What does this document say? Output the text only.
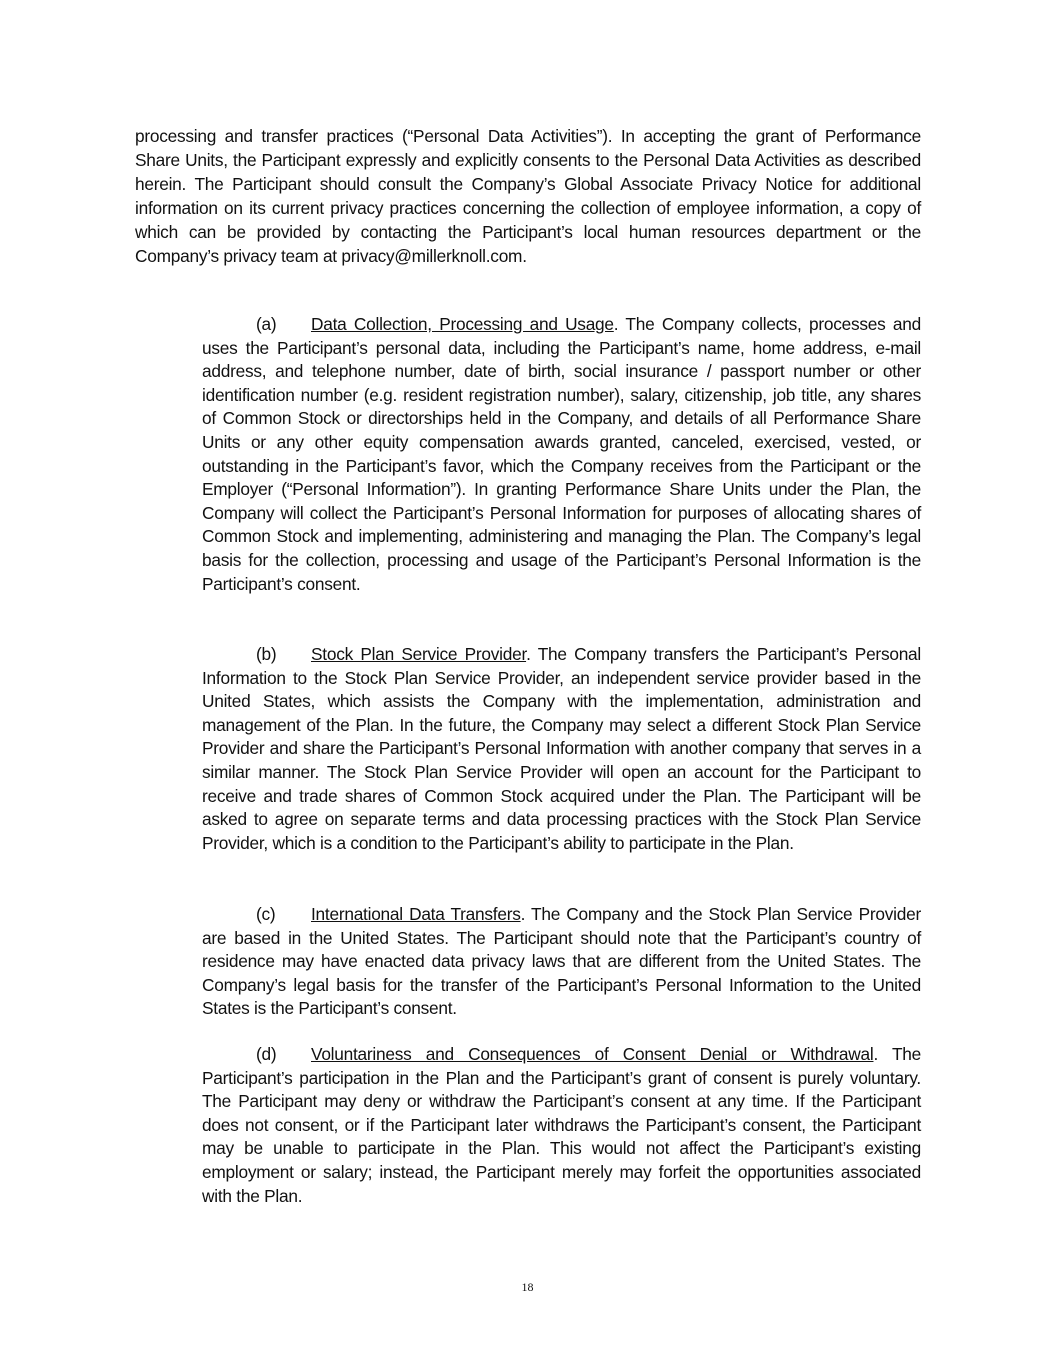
processing and transfer practices (“Personal Data Activities”). In accepting the grant of Performance Share Units, the Participant expressly and explicitly consents to the Personal Data Activities as described herein. The Participant should consult the Company’s Global Associate Privacy Notice for additional information on its current privacy practices concerning the collection of employee information, a copy of which can be provided by contacting the Participant’s local human resources department or the Company’s privacy team at privacy@millerknoll.com.

(a) Data Collection, Processing and Usage. The Company collects, processes and uses the Participant’s personal data, including the Participant’s name, home address, e-mail address, and telephone number, date of birth, social insurance / passport number or other identification number (e.g. resident registration number), salary, citizenship, job title, any shares of Common Stock or directorships held in the Company, and details of all Performance Share Units or any other equity compensation awards granted, canceled, exercised, vested, or outstanding in the Participant’s favor, which the Company receives from the Participant or the Employer (“Personal Information”). In granting Performance Share Units under the Plan, the Company will collect the Participant’s Personal Information for purposes of allocating shares of Common Stock and implementing, administering and managing the Plan. The Company’s legal basis for the collection, processing and usage of the Participant’s Personal Information is the Participant’s consent.

(b) Stock Plan Service Provider. The Company transfers the Participant’s Personal Information to the Stock Plan Service Provider, an independent service provider based in the United States, which assists the Company with the implementation, administration and management of the Plan. In the future, the Company may select a different Stock Plan Service Provider and share the Participant’s Personal Information with another company that serves in a similar manner. The Stock Plan Service Provider will open an account for the Participant to receive and trade shares of Common Stock acquired under the Plan. The Participant will be asked to agree on separate terms and data processing practices with the Stock Plan Service Provider, which is a condition to the Participant’s ability to participate in the Plan.

(c) International Data Transfers. The Company and the Stock Plan Service Provider are based in the United States. The Participant should note that the Participant’s country of residence may have enacted data privacy laws that are different from the United States. The Company’s legal basis for the transfer of the Participant’s Personal Information to the United States is the Participant’s consent.

(d) Voluntariness and Consequences of Consent Denial or Withdrawal. The Participant’s participation in the Plan and the Participant’s grant of consent is purely voluntary. The Participant may deny or withdraw the Participant’s consent at any time. If the Participant does not consent, or if the Participant later withdraws the Participant’s consent, the Participant may be unable to participate in the Plan. This would not affect the Participant’s existing employment or salary; instead, the Participant merely may forfeit the opportunities associated with the Plan.

18
